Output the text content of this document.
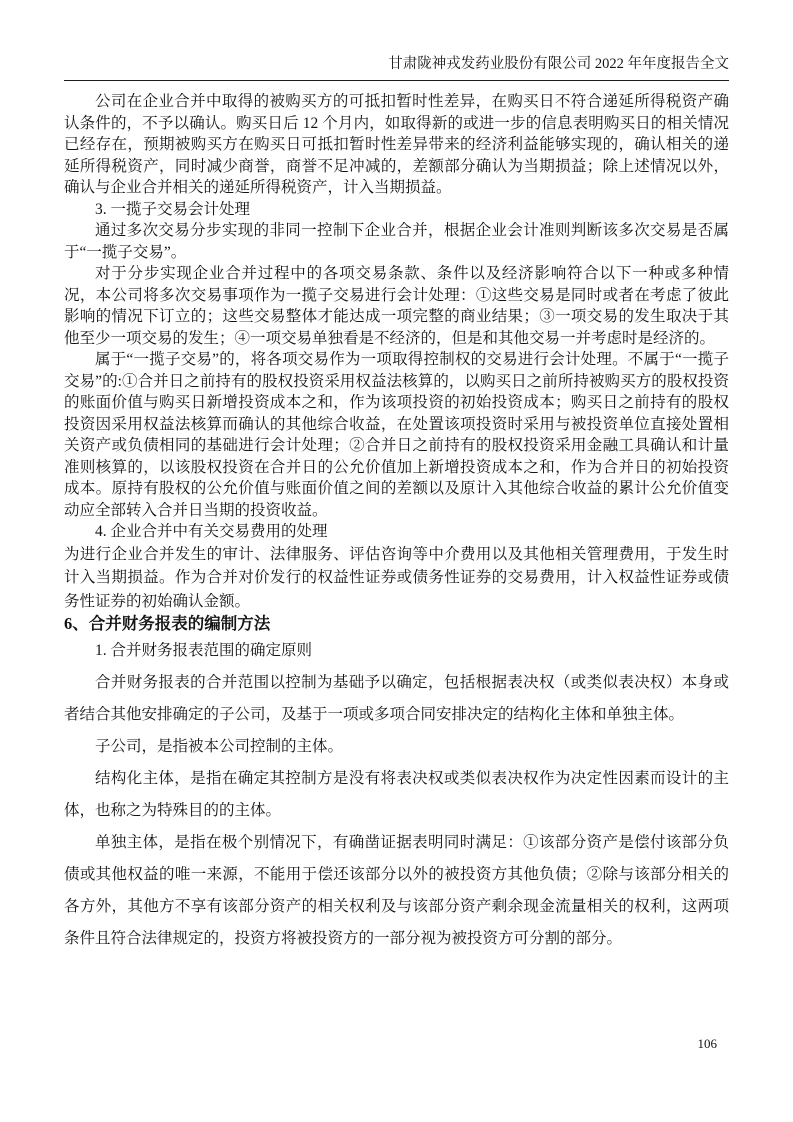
甘肃陇神戎发药业股份有限公司 2022 年年度报告全文

公司在企业合并中取得的被购买方的可抵扣暂时性差异，在购买日不符合递延所得税资产确认条件的，不予以确认。购买日后 12 个月内，如取得新的或进一步的信息表明购买日的相关情况已经存在，预期被购买方在购买日可抵扣暂时性差异带来的经济利益能够实现的，确认相关的递延所得税资产，同时减少商誉，商誉不足冲减的，差额部分确认为当期损益；除上述情况以外，确认与企业合并相关的递延所得税资产，计入当期损益。

3. 一揽子交易会计处理

通过多次交易分步实现的非同一控制下企业合并，根据企业会计准则判断该多次交易是否属于“一揽子交易”。

对于分步实现企业合并过程中的各项交易条款、条件以及经济影响符合以下一种或多种情况，本公司将多次交易事项作为一揽子交易进行会计处理：①这些交易是同时或者在考虑了彼此影响的情况下订立的；这些交易整体才能达成一项完整的商业结果；③一项交易的发生取决于其他至少一项交易的发生；④一项交易单独看是不经济的，但是和其他交易一并考虑时是经济的。

属于“一揽子交易”的，将各项交易作为一项取得控制权的交易进行会计处理。不属于“一揽子交易”的:①合并日之前持有的股权投资采用权益法核算的，以购买日之前所持被购买方的股权投资的账面价值与购买日新增投资成本之和，作为该项投资的初始投资成本；购买日之前持有的股权投资因采用权益法核算而确认的其他综合收益，在处置该项投资时采用与被投资单位直接处置相关资产或负债相同的基础进行会计处理；②合并日之前持有的股权投资采用金融工具确认和计量准则核算的，以该股权投资在合并日的公允价值加上新增投资成本之和，作为合并日的初始投资成本。原持有股权的公允价值与账面价值之间的差额以及原计入其他综合收益的累计公允价值变动应全部转入合并日当期的投资收益。

4. 企业合并中有关交易费用的处理

为进行企业合并发生的审计、法律服务、评估咨询等中介费用以及其他相关管理费用，于发生时计入当期损益。作为合并对价发行的权益性证券或债务性证券的交易费用，计入权益性证券或债务性证券的初始确认金额。

6、合并财务报表的编制方法

1. 合并财务报表范围的确定原则

合并财务报表的合并范围以控制为基础予以确定，包括根据表决权（或类似表决权）本身或者结合其他安排确定的子公司，及基于一项或多项合同安排决定的结构化主体和单独主体。

子公司，是指被本公司控制的主体。

结构化主体，是指在确定其控制方是没有将表决权或类似表决权作为决定性因素而设计的主体，也称之为特殊目的的主体。

单独主体，是指在极个别情况下，有确凿证据表明同时满足：①该部分资产是偿付该部分负债或其他权益的唯一来源，不能用于偿还该部分以外的被投资方其他负债；②除与该部分相关的各方外，其他方不享有该部分资产的相关权利及与该部分资产剩余现金流量相关的权利，这两项条件且符合法律规定的，投资方将被投资方的一部分视为被投资方可分割的部分。

106
